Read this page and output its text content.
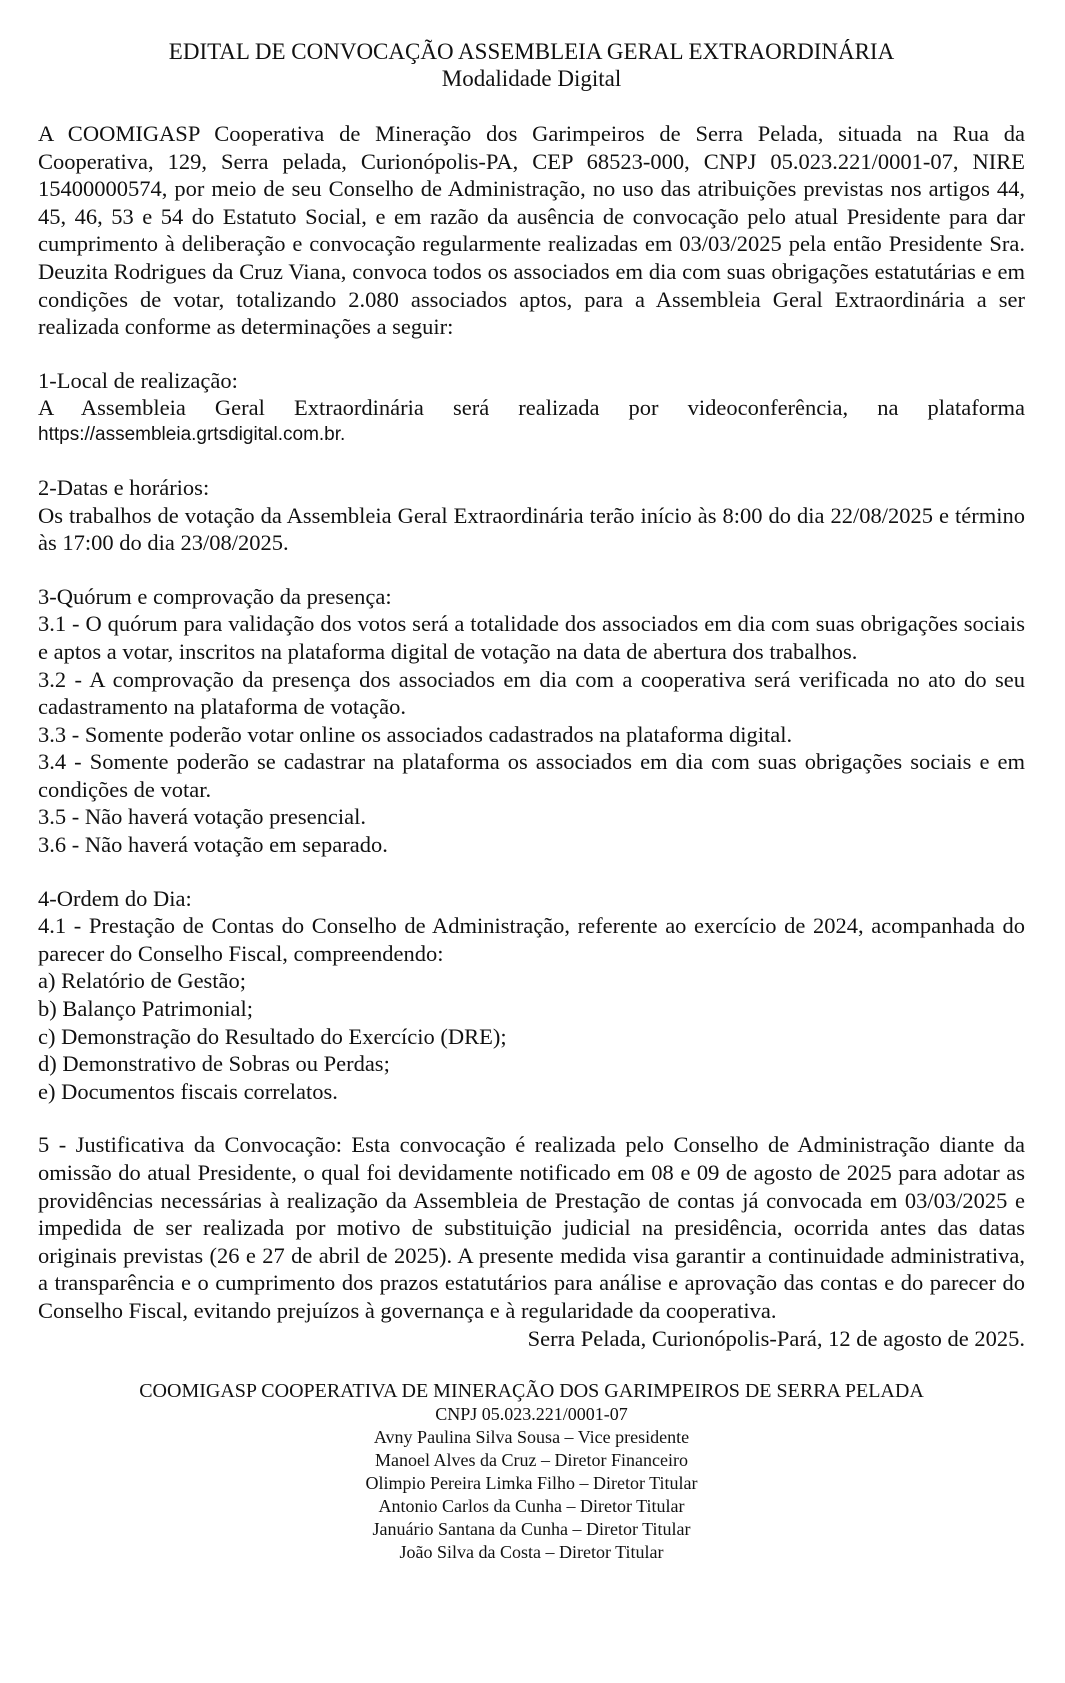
EDITAL DE CONVOCAÇÃO ASSEMBLEIA GERAL EXTRAORDINÁRIA

Modalidade Digital

A COOMIGASP Cooperativa de Mineração dos Garimpeiros de Serra Pelada, situada na Rua da Cooperativa, 129, Serra pelada, Curionópolis-PA, CEP 68523-000, CNPJ 05.023.221/0001-07, NIRE 15400000574, por meio de seu Conselho de Administração, no uso das atribuições previstas nos artigos 44, 45, 46, 53 e 54 do Estatuto Social, e em razão da ausência de convocação pelo atual Presidente para dar cumprimento à deliberação e convocação regularmente realizadas em 03/03/2025 pela então Presidente Sra. Deuzita Rodrigues da Cruz Viana, convoca todos os associados em dia com suas obrigações estatutárias e em condições de votar, totalizando 2.080 associados aptos, para a Assembleia Geral Extraordinária a ser realizada conforme as determinações a seguir:

1-Local de realização:

A Assembleia Geral Extraordinária será realizada por videoconferência, na plataforma

https://assembleia.grtsdigital.com.br.

2-Datas e horários:

Os trabalhos de votação da Assembleia Geral Extraordinária terão início às 8:00 do dia 22/08/2025 e término às 17:00 do dia 23/08/2025.

3-Quórum e comprovação da presença:

3.1 - O quórum para validação dos votos será a totalidade dos associados em dia com suas obrigações sociais e aptos a votar, inscritos na plataforma digital de votação na data de abertura dos trabalhos.

3.2 - A comprovação da presença dos associados em dia com a cooperativa será verificada no ato do seu cadastramento na plataforma de votação.

3.3 - Somente poderão votar online os associados cadastrados na plataforma digital.

3.4 - Somente poderão se cadastrar na plataforma os associados em dia com suas obrigações sociais e em condições de votar.

3.5 - Não haverá votação presencial.

3.6 - Não haverá votação em separado.

4-Ordem do Dia:

4.1 - Prestação de Contas do Conselho de Administração, referente ao exercício de 2024, acompanhada do parecer do Conselho Fiscal, compreendendo:

a) Relatório de Gestão;

b) Balanço Patrimonial;

c) Demonstração do Resultado do Exercício (DRE);

d) Demonstrativo de Sobras ou Perdas;

e) Documentos fiscais correlatos.

5 - Justificativa da Convocação: Esta convocação é realizada pelo Conselho de Administração diante da omissão do atual Presidente, o qual foi devidamente notificado em 08 e 09 de agosto de 2025 para adotar as providências necessárias à realização da Assembleia de Prestação de contas já convocada em 03/03/2025 e impedida de ser realizada por motivo de substituição judicial na presidência, ocorrida antes das datas originais previstas (26 e 27 de abril de 2025). A presente medida visa garantir a continuidade administrativa, a transparência e o cumprimento dos prazos estatutários para análise e aprovação das contas e do parecer do Conselho Fiscal, evitando prejuízos à governança e à regularidade da cooperativa.

Serra Pelada, Curionópolis-Pará, 12 de agosto de 2025.

COOMIGASP COOPERATIVA DE MINERAÇÃO DOS GARIMPEIROS DE SERRA PELADA

CNPJ 05.023.221/0001-07

Avny Paulina Silva Sousa – Vice presidente

Manoel Alves da Cruz – Diretor Financeiro

Olimpio Pereira Limka Filho – Diretor Titular

Antonio Carlos da Cunha – Diretor Titular

Januário Santana da Cunha – Diretor Titular

João Silva da Costa – Diretor Titular
